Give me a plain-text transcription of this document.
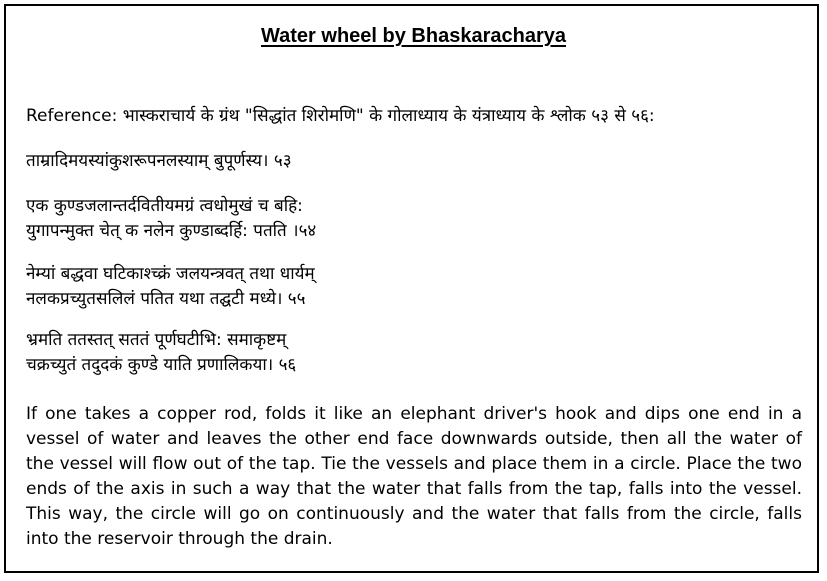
Water wheel by Bhaskaracharya

Reference: भास्कराचार्य के ग्रंथ "सिद्धांत शिरोमणि" के गोलाध्याय के यंत्राध्याय के श्लोक ५३ से ५६:

ताम्रादिमयस्यांकुशरूपनलस्याम् बुपूर्णस्य। ५३

एक कुण्डजलान्तर्दवितीयमग्रं त्वधोमुखं च बहि:
युगापन्मुक्त चेत् क नलेन कुण्डाब्दर्हि: पतति ।५४

नेम्यां बद्धवा घटिकाश्च्क्रं जलयन्त्रवत् तथा धार्यम्
नलकप्रच्युतसलिलं पतित यथा तद्घटी मध्ये। ५५

भ्रमति ततस्तत् सततं पूर्णघटीभि: समाकृष्टम्
चक्रच्युतं तदुदकं कुण्डे याति प्रणालिकया। ५६

If one takes a copper rod, folds it like an elephant driver's hook and dips one end in a vessel of water and leaves the other end face downwards outside, then all the water of the vessel will flow out of the tap. Tie the vessels and place them in a circle. Place the two ends of the axis in such a way that the water that falls from the tap, falls into the vessel. This way, the circle will go on continuously and the water that falls from the circle, falls into the reservoir through the drain.
